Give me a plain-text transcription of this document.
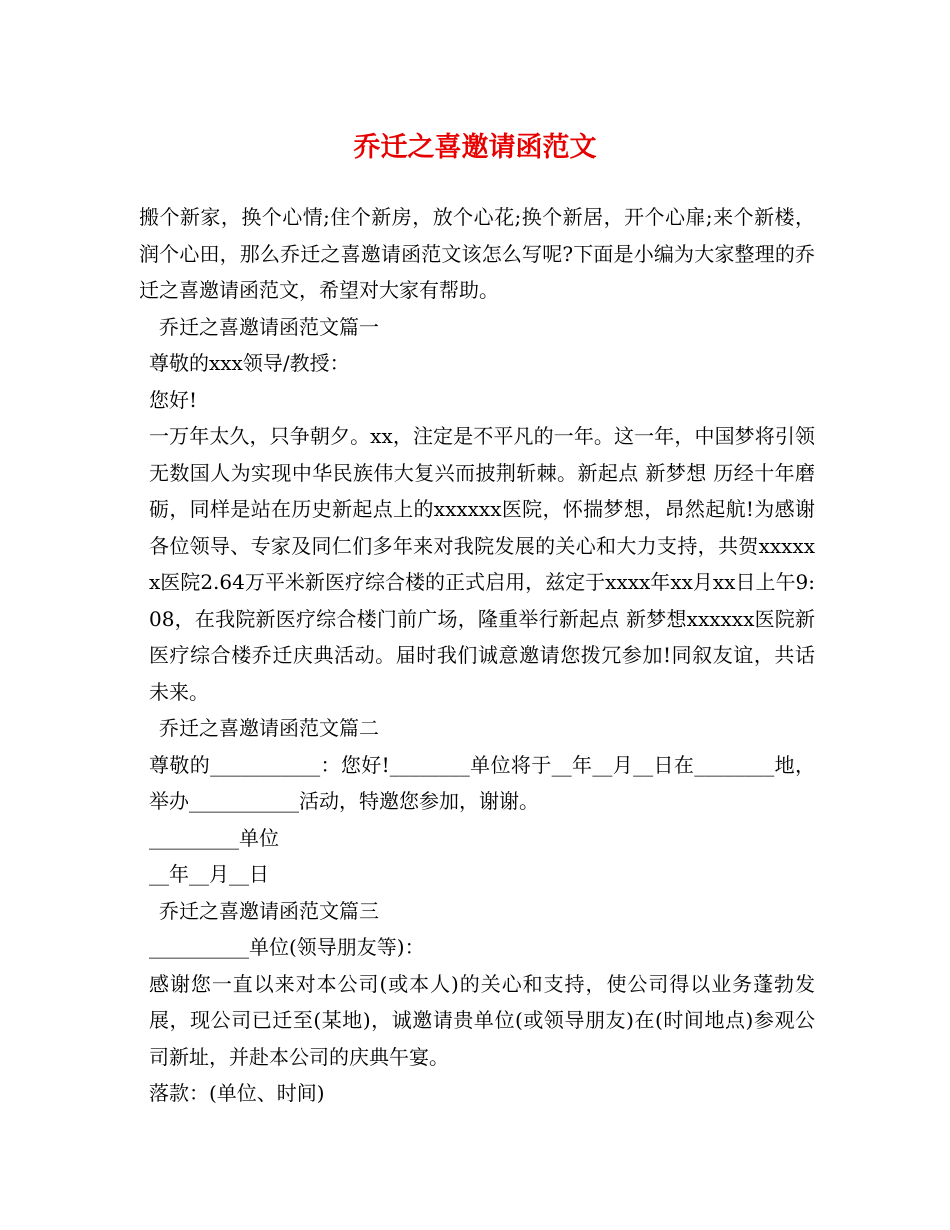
乔迁之喜邀请函范文

搬个新家，换个心情;住个新房，放个心花;换个新居，开个心扉;来个新楼，润个心田，那么乔迁之喜邀请函范文该怎么写呢?下面是小编为大家整理的乔迁之喜邀请函范文，希望对大家有帮助。

乔迁之喜邀请函范文篇一

尊敬的xxx领导/教授：

您好!

一万年太久，只争朝夕。xx，注定是不平凡的一年。这一年，中国梦将引领无数国人为实现中华民族伟大复兴而披荆斩棘。新起点 新梦想 历经十年磨砺，同样是站在历史新起点上的xxxxxx医院，怀揣梦想，昂然起航!为感谢各位领导、专家及同仁们多年来对我院发展的关心和大力支持，共贺xxxxxx医院2.64万平米新医疗综合楼的正式启用，兹定于xxxx年xx月xx日上午9:08，在我院新医疗综合楼门前广场，隆重举行新起点 新梦想xxxxxx医院新医疗综合楼乔迁庆典活动。届时我们诚意邀请您拨冗参加!同叙友谊，共话未来。

乔迁之喜邀请函范文篇二

尊敬的___________：您好!________单位将于__年__月__日在________地，举办___________活动，特邀您参加，谢谢。

_________单位

__年__月__日

乔迁之喜邀请函范文篇三

__________单位(领导朋友等)：

感谢您一直以来对本公司(或本人)的关心和支持，使公司得以业务蓬勃发展，现公司已迁至(某地)，诚邀请贵单位(或领导朋友)在(时间地点)参观公司新址，并赴本公司的庆典午宴。

落款：(单位、时间)
